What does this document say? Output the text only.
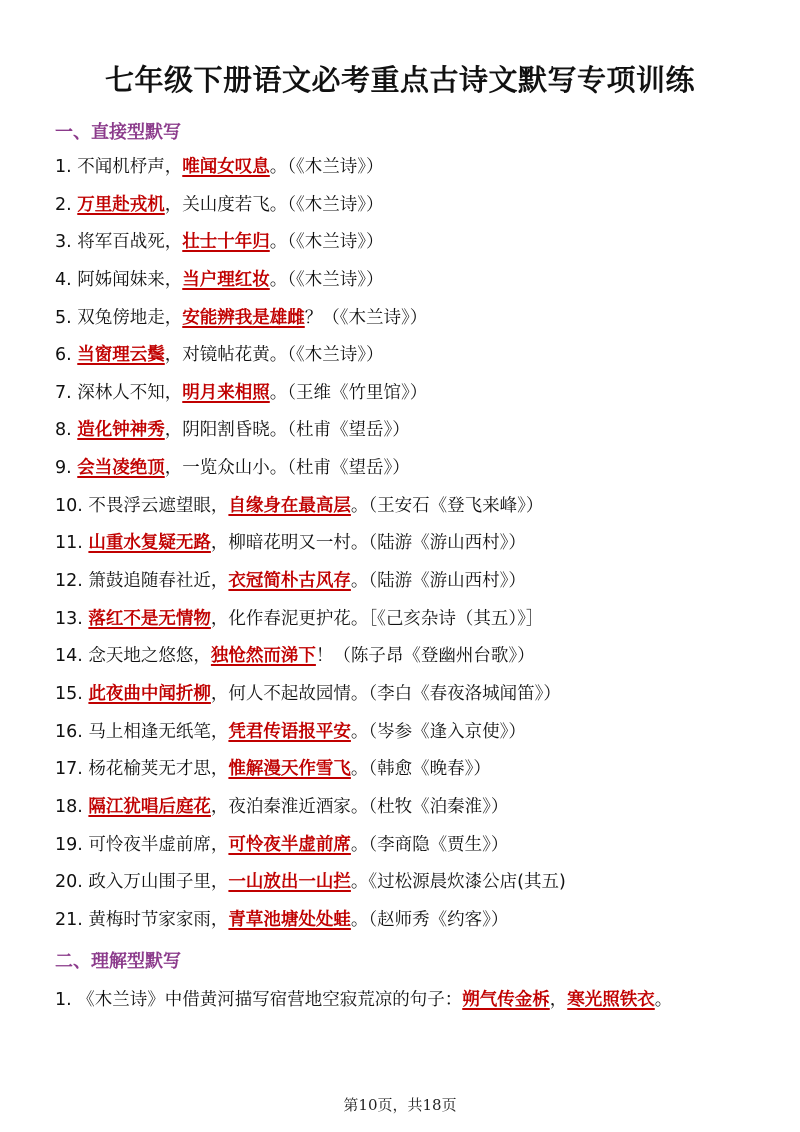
七年级下册语文必考重点古诗文默写专项训练
一、直接型默写
1. 不闻机杼声，唯闻女叹息。（《木兰诗》）
2. 万里赴戎机，关山度若飞。（《木兰诗》）
3. 将军百战死，壮士十年归。（《木兰诗》）
4. 阿姊闻妹来，当户理红妆。（《木兰诗》）
5. 双兔傍地走，安能辨我是雄雌？（《木兰诗》）
6. 当窗理云鬓，对镜帖花黄。（《木兰诗》）
7. 深林人不知，明月来相照。（王维《竹里馆》）
8. 造化钟神秀，阴阳割昏晓。（杜甫《望岳》）
9. 会当凌绝顶，一览众山小。（杜甫《望岳》）
10. 不畏浮云遮望眼，自缘身在最高层。（王安石《登飞来峰》）
11. 山重水复疑无路，柳暗花明又一村。（陆游《游山西村》）
12. 箫鼓追随春社近，衣冠简朴古风存。（陆游《游山西村》）
13. 落红不是无情物，化作春泥更护花。［《己亥杂诗（其五）》］
14. 念天地之悠悠，独怆然而涕下！（陈子昂《登幽州台歌》）
15. 此夜曲中闻折柳，何人不起故园情。（李白《春夜洛城闻笛》）
16. 马上相逢无纸笔，凭君传语报平安。（岑参《逢入京使》）
17. 杨花榆荚无才思，惟解漫天作雪飞。（韩愈《晚春》）
18. 隔江犹唱后庭花，夜泊秦淮近酒家。（杜牧《泊秦淮》）
19. 可怜夜半虚前席，可怜夜半虚前席。（李商隐《贾生》）
20. 政入万山围子里，一山放出一山拦。《过松源晨炊漆公店(其五)
21. 黄梅时节家家雨，青草池塘处处蛙。（赵师秀《约客》）
二、理解型默写
1. 《木兰诗》中借黄河描写宿营地空寂荒凉的句子：朔气传金柝，寒光照铁衣。
第10页，共18页
